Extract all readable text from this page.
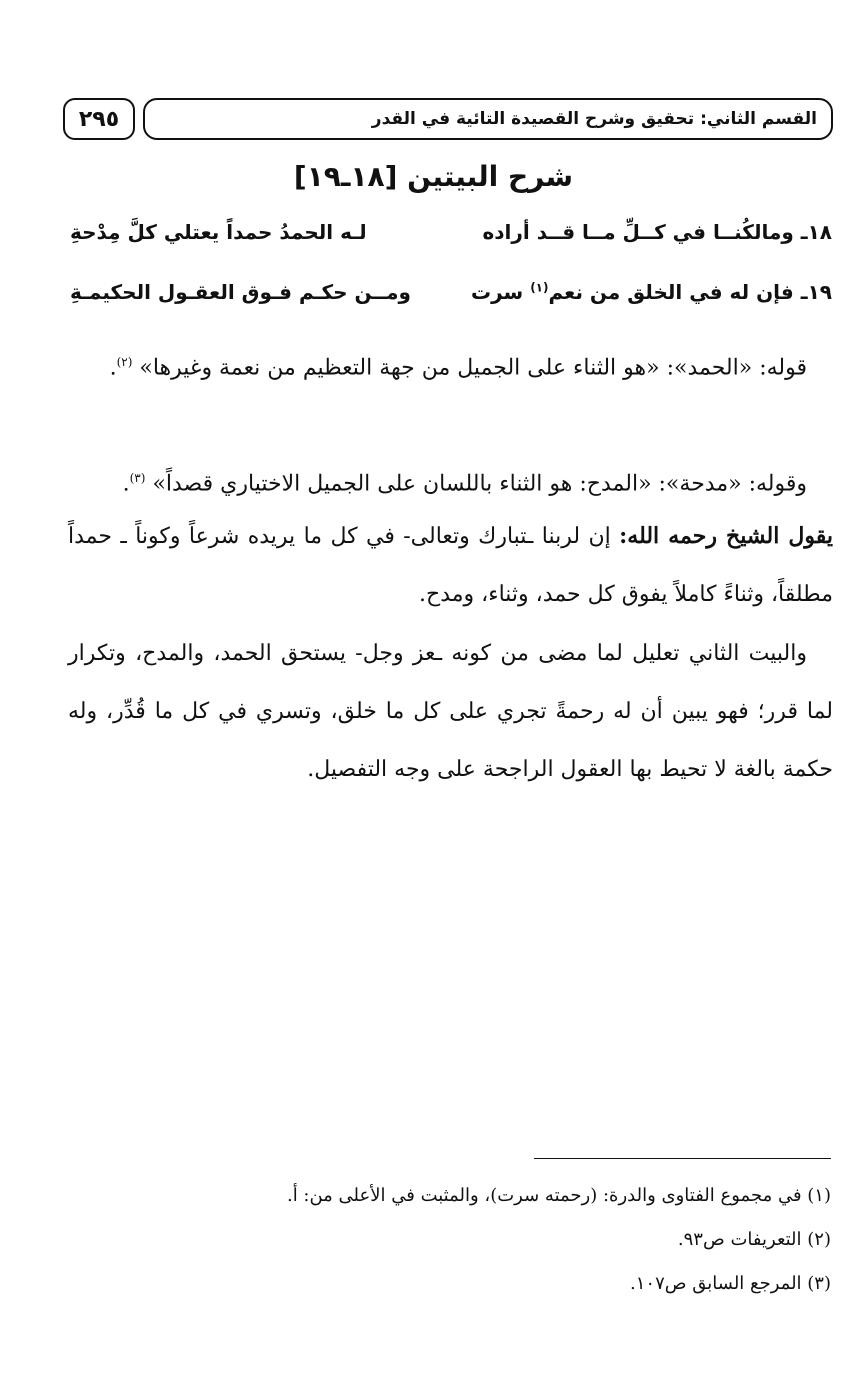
٢٩٥	القسم الثاني: تحقيق وشرح القصيدة التائية في القدر
شرح البيتين [١٨ـ١٩]
١٨ـ ومالكُنــا في كــلِّ مــا قــد أراده
لـه الحمدُ حمداً يعتلي كلَّ مِدْحةِ
١٩ـ فإن له في الخلق من نعم$^{(١)}$ سرت
ومــن حكـم فـوق العقـول الحكيمـةِ
قوله: «الحمد»: «هو الثناء على الجميل من جهة التعظيم من نعمة وغيرها» $^{(٢)}$.
وقوله: «مدحة»: «المدح: هو الثناء باللسان على الجميل الاختياري قصداً» $^{(٣)}$.
يقول الشيخ رحمه الله: إن لربنا ـتبارك وتعالى- في كل ما يريده شرعاً وكوناً ـ حمداً مطلقاً، وثناءً كاملاً يفوق كل حمد، وثناء، ومدح.
والبيت الثاني تعليل لما مضى من كونه ـعز وجل- يستحق الحمد، والمدح، وتكرار لما قرر؛ فهو يبين أن له رحمةً تجري على كل ما خلق، وتسري في كل ما قُدِّر، وله حكمة بالغة لا تحيط بها العقول الراجحة على وجه التفصيل.
(١) في مجموع الفتاوى والدرة: (رحمته سرت)، والمثبت في الأعلى من: أ.
(٢) التعريفات ص٩٣.
(٣) المرجع السابق ص١٠٧.
